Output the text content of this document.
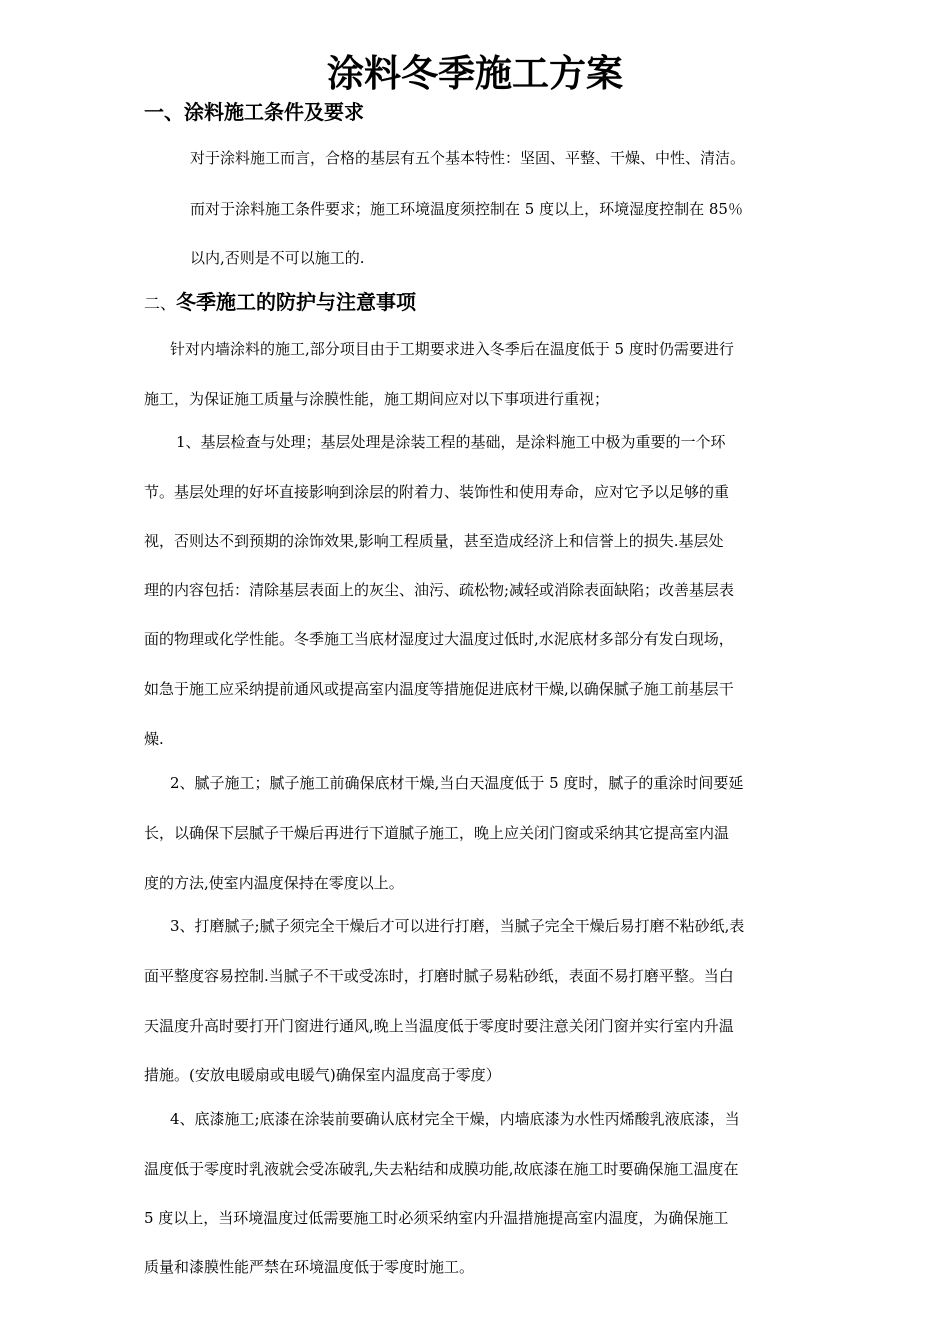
涂料冬季施工方案
一、涂料施工条件及要求

对于涂料施工而言，合格的基层有五个基本特性：坚固、平整、干燥、中性、清洁。

而对于涂料施工条件要求；施工环境温度须控制在 5 度以上，环境湿度控制在 85％

以内,否则是不可以施工的.

二、冬季施工的防护与注意事项

针对内墙涂料的施工,部分项目由于工期要求进入冬季后在温度低于 5 度时仍需要进行

施工，为保证施工质量与涂膜性能，施工期间应对以下事项进行重视；

1、基层检查与处理；基层处理是涂装工程的基础，是涂料施工中极为重要的一个环

节。基层处理的好坏直接影响到涂层的附着力、装饰性和使用寿命，应对它予以足够的重

视，否则达不到预期的涂饰效果,影响工程质量，甚至造成经济上和信誉上的损失.基层处

理的内容包括：清除基层表面上的灰尘、油污、疏松物;减轻或消除表面缺陷；改善基层表

面的物理或化学性能。冬季施工当底材湿度过大温度过低时,水泥底材多部分有发白现场，

如急于施工应采纳提前通风或提高室内温度等措施促进底材干燥,以确保腻子施工前基层干

燥.

2、腻子施工；腻子施工前确保底材干燥,当白天温度低于 5 度时，腻子的重涂时间要延

长，以确保下层腻子干燥后再进行下道腻子施工，晚上应关闭门窗或采纳其它提高室内温

度的方法,使室内温度保持在零度以上。

3、打磨腻子;腻子须完全干燥后才可以进行打磨，当腻子完全干燥后易打磨不粘砂纸,表

面平整度容易控制.当腻子不干或受冻时，打磨时腻子易粘砂纸，表面不易打磨平整。当白

天温度升高时要打开门窗进行通风,晚上当温度低于零度时要注意关闭门窗并实行室内升温

措施。(安放电暖扇或电暖气)确保室内温度高于零度）

4、底漆施工;底漆在涂装前要确认底材完全干燥，内墙底漆为水性丙烯酸乳液底漆，当

温度低于零度时乳液就会受冻破乳,失去粘结和成膜功能,故底漆在施工时要确保施工温度在

5 度以上，当环境温度过低需要施工时必须采纳室内升温措施提高室内温度，为确保施工

质量和漆膜性能严禁在环境温度低于零度时施工。
